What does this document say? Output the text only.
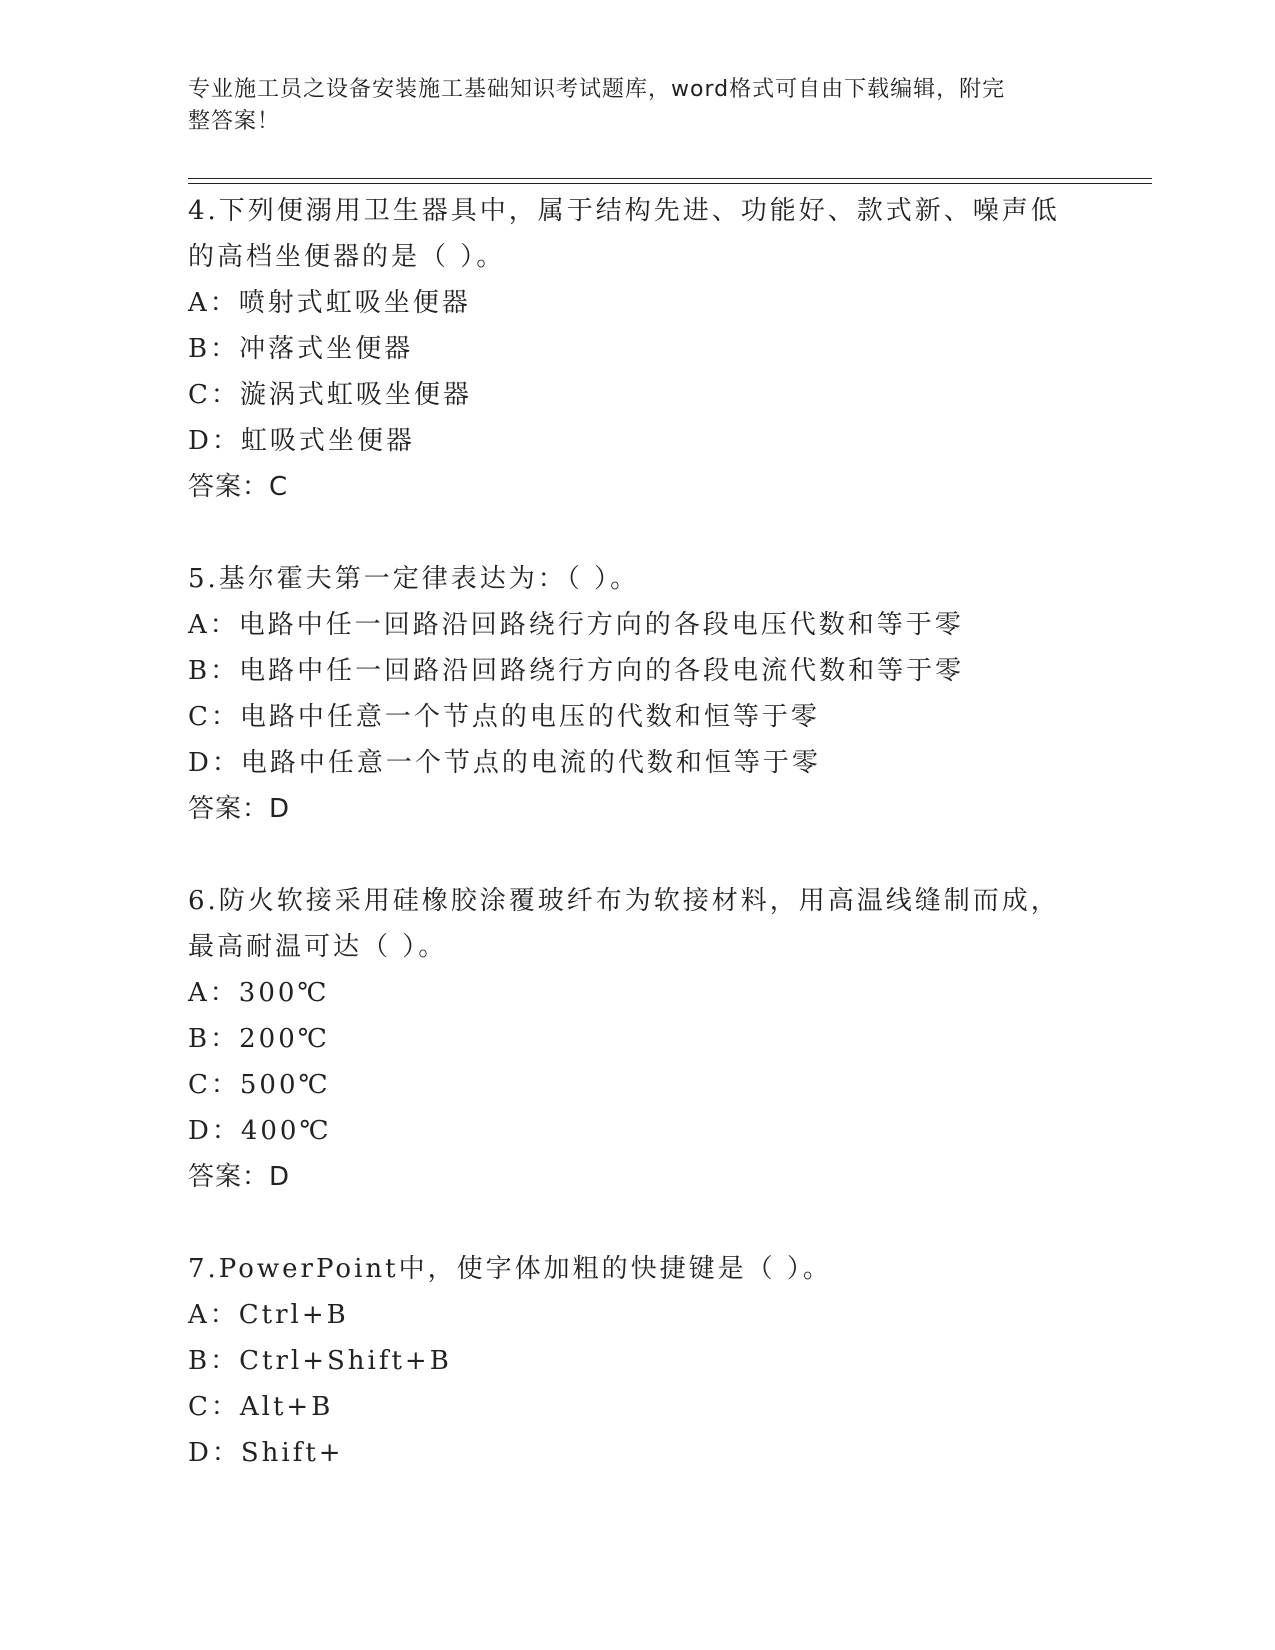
专业施工员之设备安装施工基础知识考试题库，word格式可自由下载编辑，附完
整答案！
4.下列便溺用卫生器具中，属于结构先进、功能好、款式新、噪声低
的高档坐便器的是（ ）。
A：喷射式虹吸坐便器
B：冲落式坐便器
C：漩涡式虹吸坐便器
D：虹吸式坐便器
答案：C
5.基尔霍夫第一定律表达为：（ ）。
A：电路中任一回路沿回路绕行方向的各段电压代数和等于零
B：电路中任一回路沿回路绕行方向的各段电流代数和等于零
C：电路中任意一个节点的电压的代数和恒等于零
D：电路中任意一个节点的电流的代数和恒等于零
答案：D
6.防火软接采用硅橡胶涂覆玻纤布为软接材料，用高温线缝制而成，
最高耐温可达（ ）。
A：300℃
B：200℃
C：500℃
D：400℃
答案：D
7.PowerPoint中，使字体加粗的快捷键是（ ）。
A：Ctrl+B
B：Ctrl+Shift+B
C：Alt+B
D：Shift+
